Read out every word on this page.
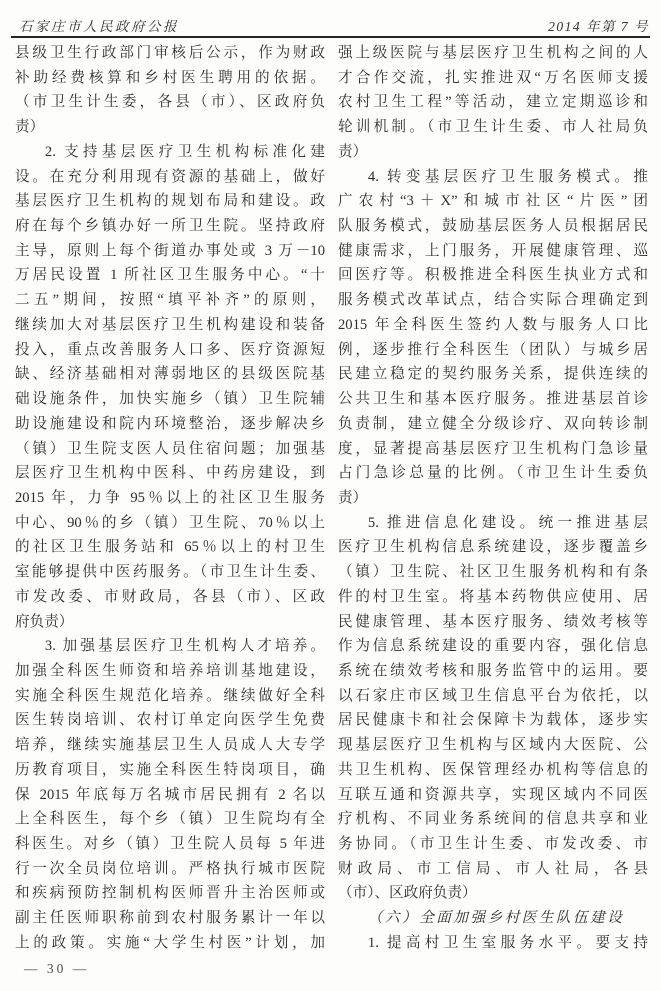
石家庄市人民政府公报	2014 年第 7 号
县级卫生行政部门审核后公示，作为财政
补助经费核算和乡村医生聘用的依据。
（市卫生计生委，各县（市）、区政府负
责）
2. 支持基层医疗卫生机构标准化建
设。在充分利用现有资源的基础上，做好
基层医疗卫生机构的规划布局和建设。政
府在每个乡镇办好一所卫生院。坚持政府
主导，原则上每个街道办事处或 3 万－10
万居民设置 1 所社区卫生服务中心。“十
二五”期间，按照“填平补齐”的原则，
继续加大对基层医疗卫生机构建设和装备
投入，重点改善服务人口多、医疗资源短
缺、经济基础相对薄弱地区的县级医院基
础设施条件，加快实施乡（镇）卫生院辅
助设施建设和院内环境整治，逐步解决乡
（镇）卫生院支医人员住宿问题；加强基
层医疗卫生机构中医科、中药房建设，到
2015 年，力争 95％以上的社区卫生服务
中心、90％的乡（镇）卫生院、70％以上
的社区卫生服务站和 65％以上的村卫生
室能够提供中医药服务。（市卫生计生委、
市发改委、市财政局，各县（市）、区政
府负责）
3. 加强基层医疗卫生机构人才培养。
加强全科医生师资和培养培训基地建设，
实施全科医生规范化培养。继续做好全科
医生转岗培训、农村订单定向医学生免费
培养，继续实施基层卫生人员成人大专学
历教育项目，实施全科医生特岗项目，确
保 2015 年底每万名城市居民拥有 2 名以
上全科医生，每个乡（镇）卫生院均有全
科医生。对乡（镇）卫生院人员每 5 年进
行一次全员岗位培训。严格执行城市医院
和疾病预防控制机构医师晋升主治医师或
副主任医师职称前到农村服务累计一年以
上的政策。实施“大学生村医”计划，加
强上级医院与基层医疗卫生机构之间的人
才合作交流，扎实推进双“万名医师支援
农村卫生工程”等活动，建立定期巡诊和
轮训机制。（市卫生计生委、市人社局负
责）
4. 转变基层医疗卫生服务模式。推
广农村“3＋X”和城市社区“片医”团
队服务模式，鼓励基层医务人员根据居民
健康需求，上门服务，开展健康管理、巡
回医疗等。积极推进全科医生执业方式和
服务模式改革试点，结合实际合理确定到
2015 年全科医生签约人数与服务人口比
例，逐步推行全科医生（团队）与城乡居
民建立稳定的契约服务关系，提供连续的
公共卫生和基本医疗服务。推进基层首诊
负责制，建立健全分级诊疗、双向转诊制
度，显著提高基层医疗卫生机构门急诊量
占门急诊总量的比例。（市卫生计生委负
责）
5. 推进信息化建设。统一推进基层
医疗卫生机构信息系统建设，逐步覆盖乡
（镇）卫生院、社区卫生服务机构和有条
件的村卫生室。将基本药物供应使用、居
民健康管理、基本医疗服务、绩效考核等
作为信息系统建设的重要内容，强化信息
系统在绩效考核和服务监管中的运用。要
以石家庄市区域卫生信息平台为依托，以
居民健康卡和社会保障卡为载体，逐步实
现基层医疗卫生机构与区域内大医院、公
共卫生机构、医保管理经办机构等信息的
互联互通和资源共享，实现区域内不同医
疗机构、不同业务系统间的信息共享和业
务协同。（市卫生计生委、市发改委、市
财政局、市工信局、市人社局，各县
（市）、区政府负责）
（六）全面加强乡村医生队伍建设
1. 提高村卫生室服务水平。要支持
— 30 —
